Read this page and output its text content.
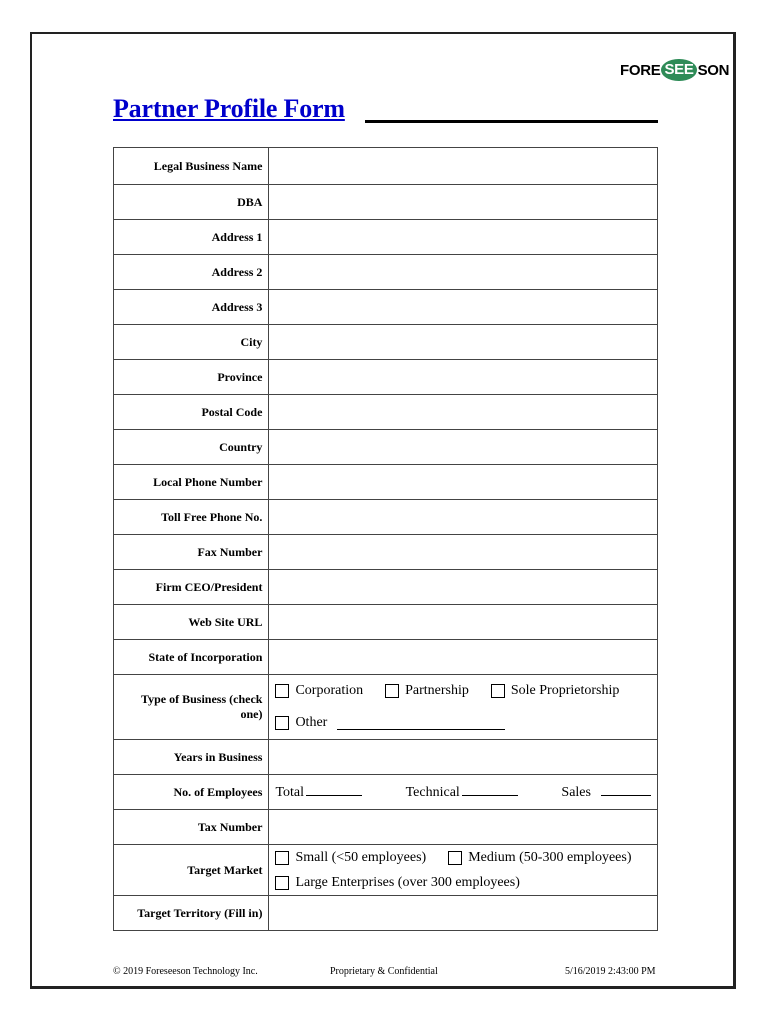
FORE SEE SON
Partner Profile Form
Legal Business Name	
DBA	
Address 1	
Address 2	
Address 3	
City	
Province	
Postal Code	
Country	
Local Phone Number	
Toll Free Phone No.	
Fax Number	
Firm CEO/President	
Web Site URL	
State of Incorporation	
Type of Business (check one)	Corporation Partnership Sole Proprietorship
Other

Years in Business	
No. of Employees	Total Technical Sales

Tax Number	
Target Market	Small (<50 employees) Medium (50-300 employees)
Large Enterprises (over 300 employees)

Target Territory (Fill in)	
© 2019 Foreseeson Technology Inc.	Proprietary & Confidential	5/16/2019 2:43:00 PM
